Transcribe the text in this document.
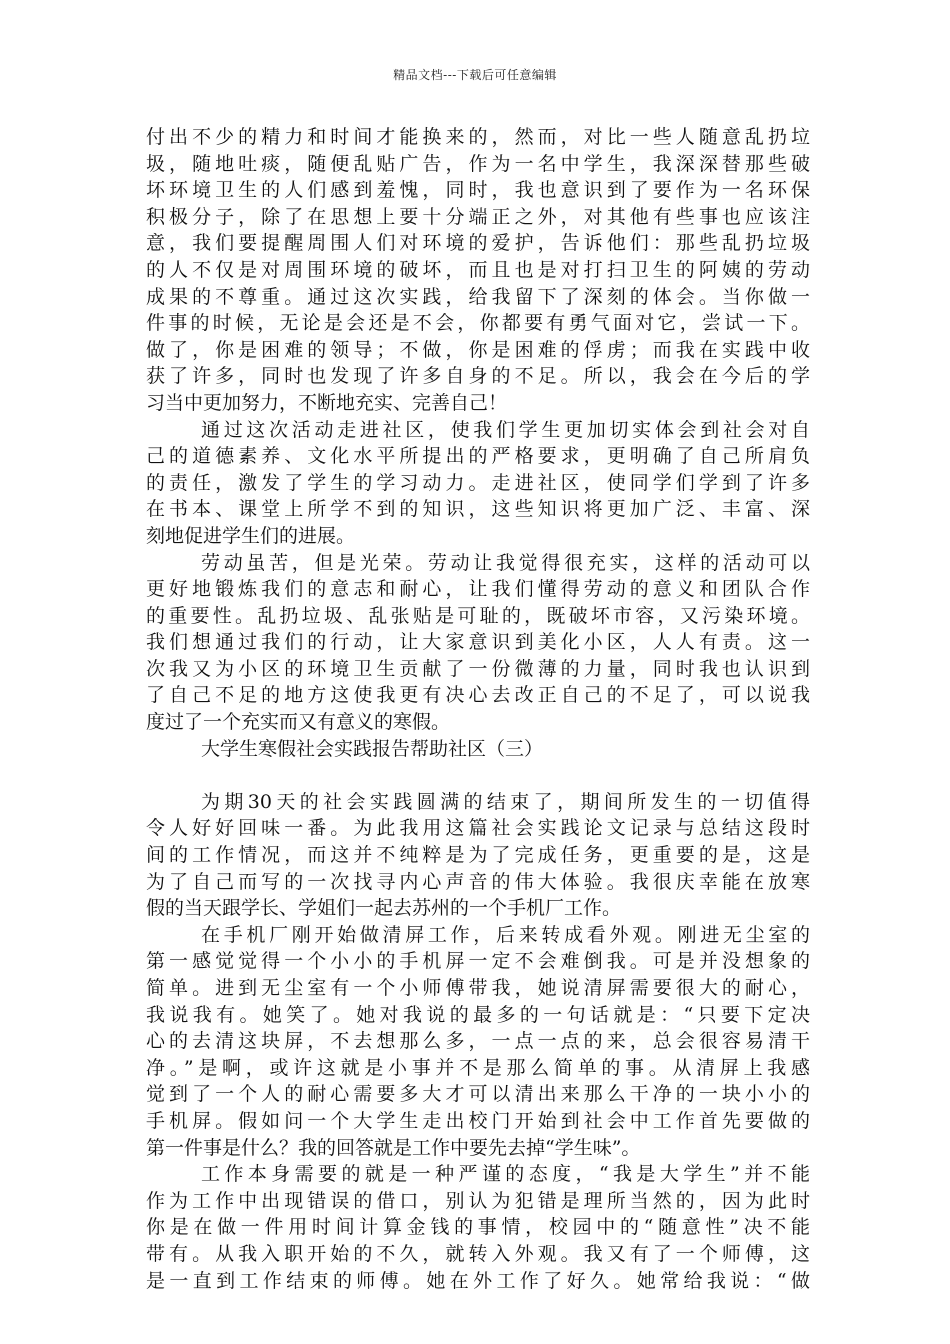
精品文档---下载后可任意编辑
付出不少的精力和时间才能换来的，然而，对比一些人随意乱扔垃
圾，随地吐痰，随便乱贴广告，作为一名中学生，我深深替那些破
坏环境卫生的人们感到羞愧，同时，我也意识到了要作为一名环保
积极分子，除了在思想上要十分端正之外，对其他有些事也应该注
意，我们要提醒周围人们对环境的爱护，告诉他们：那些乱扔垃圾
的人不仅是对周围环境的破坏，而且也是对打扫卫生的阿姨的劳动
成果的不尊重。通过这次实践，给我留下了深刻的体会。当你做一
件事的时候，无论是会还是不会，你都要有勇气面对它，尝试一下。
做了，你是困难的领导；不做，你是困难的俘虏；而我在实践中收
获了许多，同时也发现了许多自身的不足。所以，我会在今后的学
习当中更加努力，不断地充实、完善自己！
通过这次活动走进社区，使我们学生更加切实体会到社会对自
己的道德素养、文化水平所提出的严格要求，更明确了自己所肩负
的责任，激发了学生的学习动力。走进社区，使同学们学到了许多
在书本、课堂上所学不到的知识，这些知识将更加广泛、丰富、深
刻地促进学生们的进展。
劳动虽苦，但是光荣。劳动让我觉得很充实，这样的活动可以
更好地锻炼我们的意志和耐心，让我们懂得劳动的意义和团队合作
的重要性。乱扔垃圾、乱张贴是可耻的，既破坏市容，又污染环境。
我们想通过我们的行动，让大家意识到美化小区，人人有责。这一
次我又为小区的环境卫生贡献了一份微薄的力量，同时我也认识到
了自己不足的地方这使我更有决心去改正自己的不足了，可以说我
度过了一个充实而又有意义的寒假。
大学生寒假社会实践报告帮助社区（三）
为期30天的社会实践圆满的结束了，期间所发生的一切值得
令人好好回味一番。为此我用这篇社会实践论文记录与总结这段时
间的工作情况，而这并不纯粹是为了完成任务，更重要的是，这是
为了自己而写的一次找寻内心声音的伟大体验。我很庆幸能在放寒
假的当天跟学长、学姐们一起去苏州的一个手机厂工作。
在手机厂刚开始做清屏工作，后来转成看外观。刚进无尘室的
第一感觉觉得一个小小的手机屏一定不会难倒我。可是并没想象的
简单。进到无尘室有一个小师傅带我，她说清屏需要很大的耐心，
我说我有。她笑了。她对我说的最多的一句话就是：“只要下定决
心的去清这块屏，不去想那么多，一点一点的来，总会很容易清干
净。”是啊，或许这就是小事并不是那么简单的事。从清屏上我感
觉到了一个人的耐心需要多大才可以清出来那么干净的一块小小的
手机屏。假如问一个大学生走出校门开始到社会中工作首先要做的
第一件事是什么？我的回答就是工作中要先去掉“学生味”。
工作本身需要的就是一种严谨的态度，“我是大学生”并不能
作为工作中出现错误的借口，别认为犯错是理所当然的，因为此时
你是在做一件用时间计算金钱的事情，校园中的“随意性”决不能
带有。从我入职开始的不久，就转入外观。我又有了一个师傅，这
是一直到工作结束的师傅。她在外工作了好久。她常给我说：“做
